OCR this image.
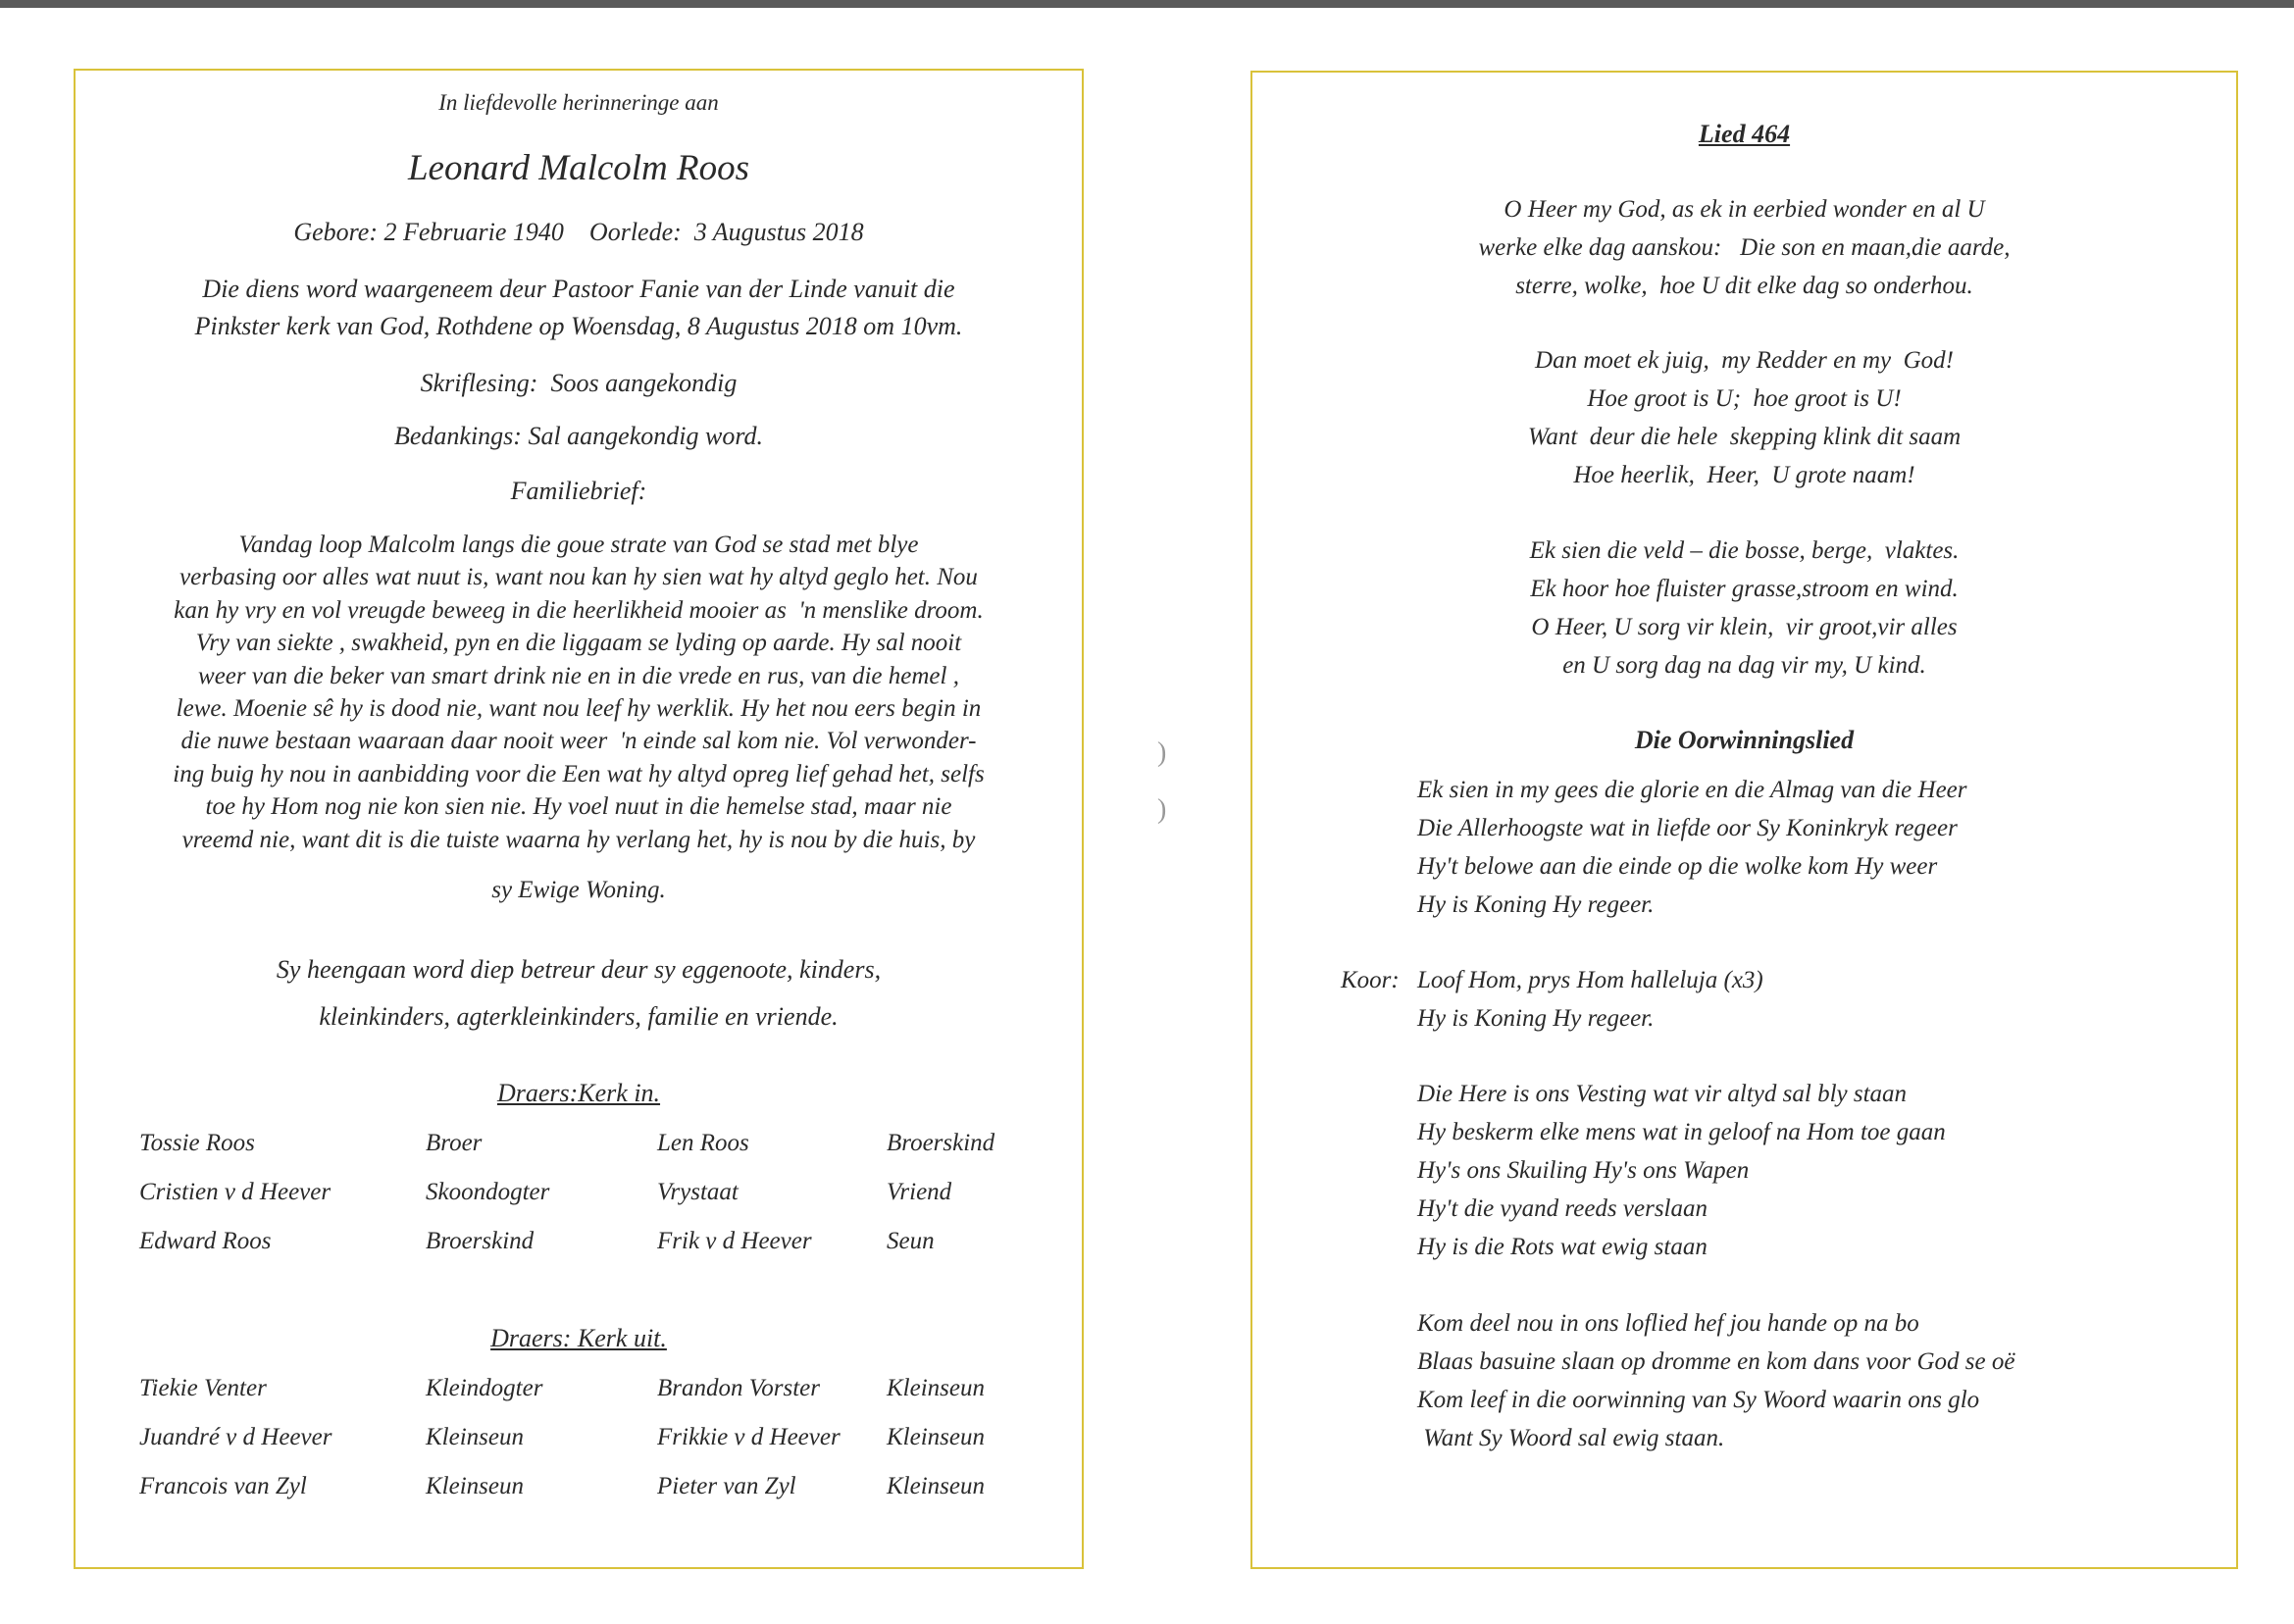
In liefdevolle herinneringe aan
Leonard Malcolm Roos
Gebore: 2 Februarie 1940    Oorlede:  3 Augustus 2018
Die diens word waargeneem deur Pastoor Fanie van der Linde vanuit die
Pinkster kerk van God, Rothdene op Woensdag, 8 Augustus 2018 om 10vm.
Skriflesing:  Soos aangekondig
Bedankings: Sal aangekondig word.
Familiebrief:
Vandag loop Malcolm langs die goue strate van God se stad met blye
verbasing oor alles wat nuut is, want nou kan hy sien wat hy altyd geglo het. Nou
kan hy vry en vol vreugde beweeg in die heerlikheid mooier as  'n menslike droom.
Vry van siekte , swakheid, pyn en die liggaam se lyding op aarde. Hy sal nooit
weer van die beker van smart drink nie en in die vrede en rus, van die hemel ,
lewe. Moenie sê hy is dood nie, want nou leef hy werklik. Hy het nou eers begin in
die nuwe bestaan waaraan daar nooit weer  'n einde sal kom nie. Vol verwonder-
ing buig hy nou in aanbidding voor die Een wat hy altyd opreg lief gehad het, selfs
toe hy Hom nog nie kon sien nie. Hy voel nuut in die hemelse stad, maar nie
vreemd nie, want dit is die tuiste waarna hy verlang het, hy is nou by die huis, by
sy Ewige Woning.
Sy heengaan word diep betreur deur sy eggenoote, kinders,
kleinkinders, agterkleinkinders, familie en vriende.
Draers:Kerk in.
Tossie Roos	Broer	Len Roos	Broerskind
Cristien v d Heever	Skoondogter	Vrystaat	Vriend
Edward Roos	Broerskind	Frik v d Heever	Seun
Draers: Kerk uit.
Tiekie Venter	Kleindogter	Brandon Vorster	Kleinseun
Juandré v d Heever	Kleinseun	Frikkie v d Heever Kleinseun
Francois van Zyl	Kleinseun	Pieter van Zyl	Kleinseun
)
)
Lied 464
O Heer my God, as ek in eerbied wonder en al U
werke elke dag aanskou:   Die son en maan,die aarde,
sterre, wolke,  hoe U dit elke dag so onderhou.
Dan moet ek juig,  my Redder en my  God!
Hoe groot is U;  hoe groot is U!
Want  deur die hele  skepping klink dit saam
Hoe heerlik,  Heer,  U grote naam!
Ek sien die veld – die bosse, berge,  vlaktes.
Ek hoor hoe fluister grasse,stroom en wind.
O Heer, U sorg vir klein,  vir groot,vir alles
en U sorg dag na dag vir my, U kind.
Die Oorwinningslied
Ek sien in my gees die glorie en die Almag van die Heer
Die Allerhoogste wat in liefde oor Sy Koninkryk regeer
Hy't belowe aan die einde op die wolke kom Hy weer
Hy is Koning Hy regeer.
Koor: Loof Hom, prys Hom halleluja (x3)
Hy is Koning Hy regeer.
Die Here is ons Vesting wat vir altyd sal bly staan
Hy beskerm elke mens wat in geloof na Hom toe gaan
Hy's ons Skuiling Hy's ons Wapen
Hy't die vyand reeds verslaan
Hy is die Rots wat ewig staan
Kom deel nou in ons loflied hef jou hande op na bo
Blaas basuine slaan op dromme en kom dans voor God se oë
Kom leef in die oorwinning van Sy Woord waarin ons glo
Want Sy Woord sal ewig staan.
